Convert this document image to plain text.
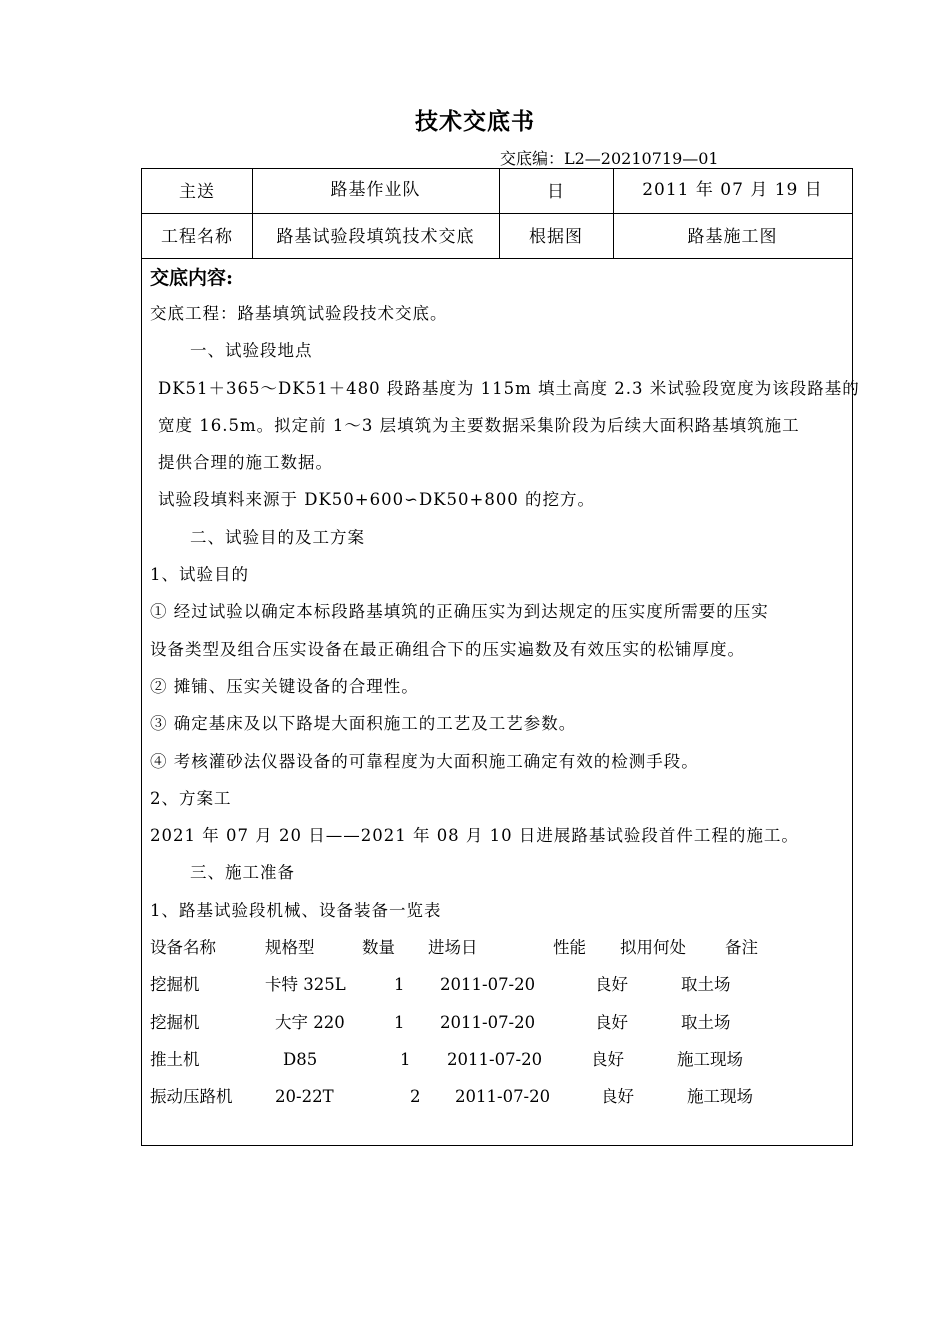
技术交底书
交底编：L2—20210719—01
主送	路基作业队	日	2011 年 07 月 19 日
工程名称	路基试验段填筑技术交底	根据图	路基施工图
交底内容:
交底工程：路基填筑试验段技术交底。
一、试验段地点
DK51＋365～DK51＋480 段路基度为 115m 填土高度 2.3 米试验段宽度为该段路基的
宽度 16.5m。拟定前 1～3 层填筑为主要数据采集阶段为后续大面积路基填筑施工
提供合理的施工数据。
试验段填料来源于 DK50+600∽DK50+800 的挖方。
二、试验目的及工方案
1、试验目的
① 经过试验以确定本标段路基填筑的正确压实为到达规定的压实度所需要的压实
设备类型及组合压实设备在最正确组合下的压实遍数及有效压实的松铺厚度。
② 摊铺、压实关键设备的合理性。
③ 确定基床及以下路堤大面积施工的工艺及工艺参数。
④ 考核灌砂法仪器设备的可靠程度为大面积施工确定有效的检测手段。
2、方案工
2021 年 07 月 20 日——2021 年 08 月 10 日进展路基试验段首件工程的施工。
三、施工准备
1、路基试验段机械、设备装备一览表
设备名称	规格型	数量 进场日	性能 拟用何处 备注
挖掘机	卡特 325L	1 2011-07-20	良好	取土场
挖掘机	大宇 220	1 2011-07-20	良好	取土场
推土机	D85	1 2011-07-20	良好	施工现场
振动压路机	20-22T	2 2011-07-20	良好	施工现场
